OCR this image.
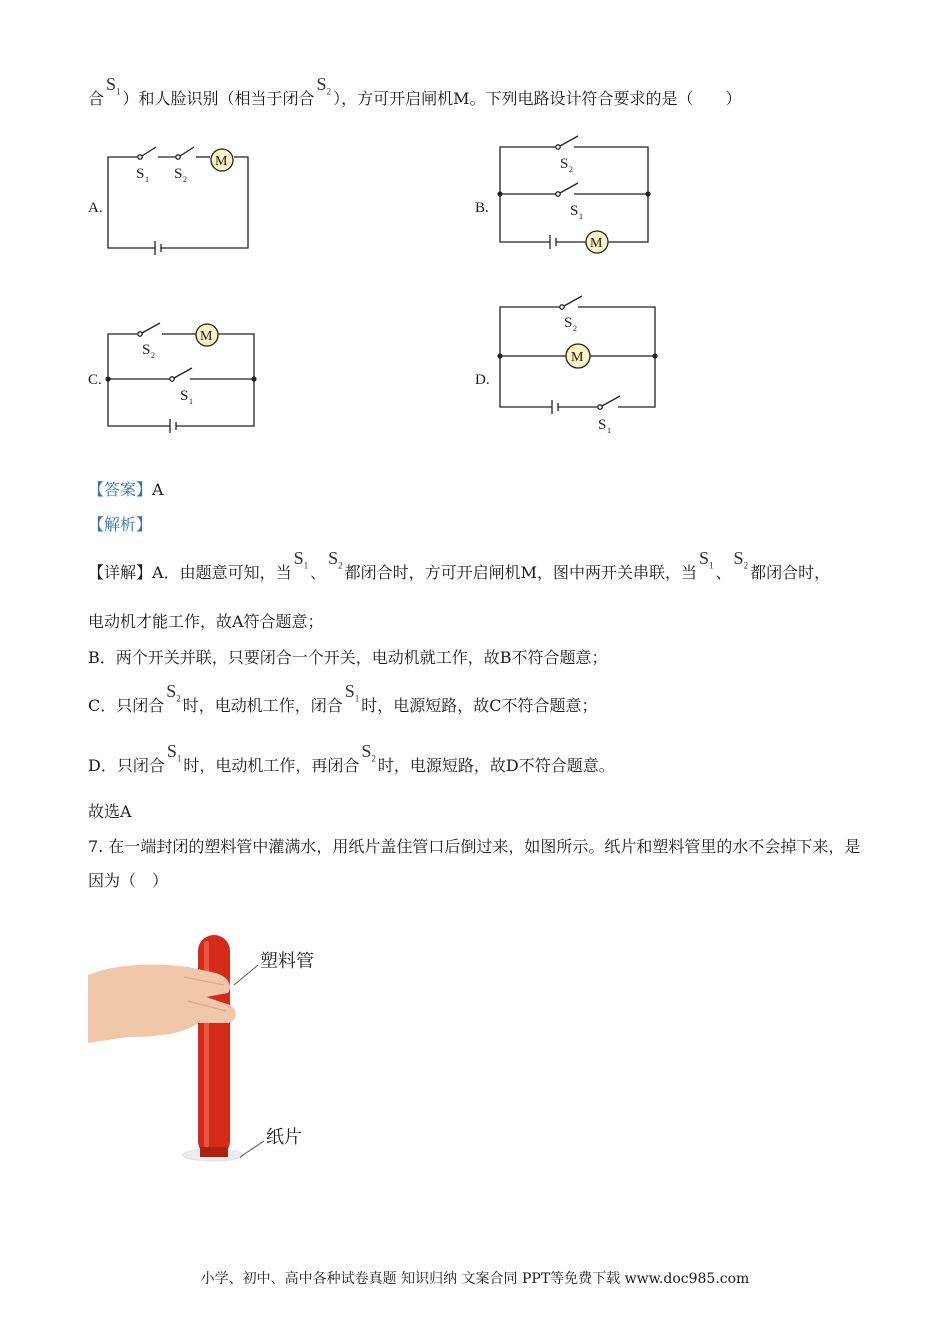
合$S_1$ ）和人脸识别（相当于闭合$S_2$ ），方可开启闸机M。下列电路设计符合要求的是（　　）
A.	B.
C.	D.
M
S 1 S 2
M
S 2
S 1
M
S 2
S 1
M
S 2
S 1
【答案】A
【解析】
【详解】A．由题意可知，当$S_1$ 、$S_2$ 都闭合时，方可开启闸机M，图中两开关串联，当$S_1$ 、$S_2$ 都闭合时，
电动机才能工作，故A符合题意；
B．两个开关并联，只要闭合一个开关，电动机就工作，故B不符合题意；
C．只闭合$S_2$ 时，电动机工作，闭合$S_1$ 时，电源短路，故C不符合题意；
D．只闭合$S_1$ 时，电动机工作，再闭合$S_2$ 时，电源短路，故D不符合题意。
故选A
7. 在一端封闭的塑料管中灌满水，用纸片盖住管口后倒过来，如图所示。纸片和塑料管里的水不会掉下来，是因为（　）
塑料管
纸片
小学、初中、高中各种试卷真题 知识归纳 文案合同 PPT等免费下载 www.doc985.com
